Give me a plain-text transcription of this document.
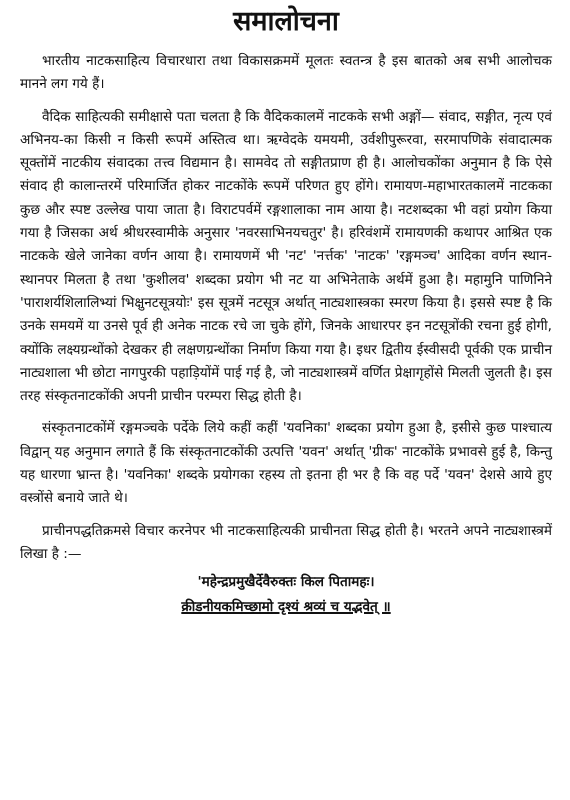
समालोचना

भारतीय नाटकसाहित्य विचारधारा तथा विकासक्रममें मूलतः स्वतन्त्र है इस बातको अब सभी आलोचक मानने लग गये हैं।

वैदिक साहित्यकी समीक्षासे पता चलता है कि वैदिककालमें नाटकके सभी अङ्गों— संवाद, सङ्गीत, नृत्य एवं अभिनय-का किसी न किसी रूपमें अस्तित्व था। ऋग्वेदके यमयमी, उर्वशीपुरूरवा, सरमापणिके संवादात्मक सूक्तोंमें नाटकीय संवादका तत्त्व विद्यमान है। सामवेद तो सङ्गीतप्राण ही है। आलोचकोंका अनुमान है कि ऐसे संवाद ही कालान्तरमें परिमार्जित होकर नाटकोंके रूपमें परिणत हुए होंगे। रामायण-महाभारतकालमें नाटकका कुछ और स्पष्ट उल्लेख पाया जाता है। विराटपर्वमें रङ्गशालाका नाम आया है। नटशब्दका भी वहां प्रयोग किया गया है जिसका अर्थ श्रीधरस्वामीके अनुसार 'नवरसाभिनयचतुर' है। हरिवंशमें रामायणकी कथापर आश्रित एक नाटकके खेले जानेका वर्णन आया है। रामायणमें भी 'नट' 'नर्त्तक' 'नाटक' 'रङ्गमञ्च' आदिका वर्णन स्थान-स्थानपर मिलता है तथा 'कुशीलव' शब्दका प्रयोग भी नट या अभिनेताके अर्थमें हुआ है। महामुनि पाणिनिने 'पाराशर्यशिलालिभ्यां भिक्षुनटसूत्रयोः' इस सूत्रमें नटसूत्र अर्थात् नाट्यशास्त्रका स्मरण किया है। इससे स्पष्ट है कि उनके समयमें या उनसे पूर्व ही अनेक नाटक रचे जा चुके होंगे, जिनके आधारपर इन नटसूत्रोंकी रचना हुई होगी, क्योंकि लक्ष्यग्रन्थोंको देखकर ही लक्षणग्रन्थोंका निर्माण किया गया है। इधर द्वितीय ईस्वीसदी पूर्वकी एक प्राचीन नाट्यशाला भी छोटा नागपुरकी पहाड़ियोंमें पाई गई है, जो नाट्यशास्त्रमें वर्णित प्रेक्षागृहोंसे मिलती जुलती है। इस तरह संस्कृतनाटकोंकी अपनी प्राचीन परम्परा सिद्ध होती है।

संस्कृतनाटकोंमें रङ्गमञ्चके पर्देके लिये कहीं कहीं 'यवनिका' शब्दका प्रयोग हुआ है, इसीसे कुछ पाश्चात्य विद्वान् यह अनुमान लगाते हैं कि संस्कृतनाटकोंकी उत्पत्ति 'यवन' अर्थात् 'ग्रीक' नाटकोंके प्रभावसे हुई है, किन्तु यह धारणा भ्रान्त है। 'यवनिका' शब्दके प्रयोगका रहस्य तो इतना ही भर है कि वह पर्दे 'यवन' देशसे आये हुए वस्त्रोंसे बनाये जाते थे।

प्राचीनपद्धतिक्रमसे विचार करनेपर भी नाटकसाहित्यकी प्राचीनता सिद्ध होती है। भरतने अपने नाट्यशास्त्रमें लिखा है :—

'महेन्द्रप्रमुखैर्देवैरुक्तः किल पितामहः।
क्रीडनीयकमिच्छामो दृश्यं श्रव्यं च यद्भवेत् ॥
